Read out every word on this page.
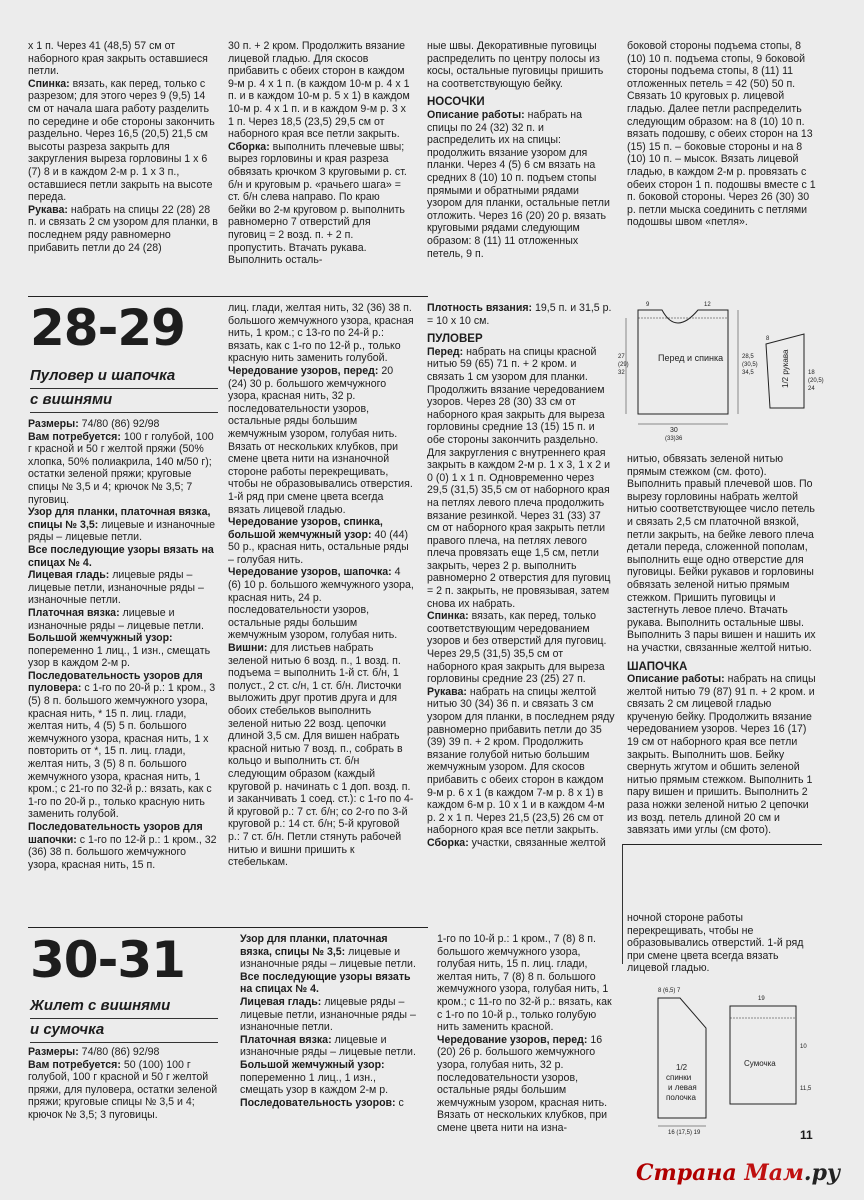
х 1 п. Через 41 (48,5) 57 см от наборного края закрыть оставшиеся петли.

Спинка: вязать, как перед, только с разрезом; для этого через 9 (9,5) 14 см от начала шага работу разделить по середине и обе стороны закончить раздельно. Через 16,5 (20,5) 21,5 см высоты разреза закрыть для закругления выреза горловины 1 х 6 (7) 8 и в каждом 2-м р. 1 х 3 п., оставшиеся петли закрыть на высоте переда.

Рукава: набрать на спицы 22 (28) 28 п. и связать 2 см узором для планки, в последнем ряду равномерно прибавить петли до 24 (28)

30 п. + 2 кром. Продолжить вязание лицевой гладью. Для скосов прибавить с обеих сторон в каждом 9-м р. 4 х 1 п. (в каждом 10-м р. 4 х 1 п. и в каждом 10-м р. 5 х 1) в каждом 10-м р. 4 х 1 п. и в каждом 9-м р. 3 х 1 п. Через 18,5 (23,5) 29,5 см от наборного края все петли закрыть.

Сборка: выполнить плечевые швы; вырез горловины и края разреза обвязать крючком 3 круговыми р. ст. б/н и круговым р. «рачьего шага» = ст. б/н слева направо. По краю бейки во 2-м круговом р. выполнить равномерно 7 отверстий для пуговиц = 2 возд. п. + 2 п. пропустить. Втачать рукава. Выполнить осталь-

ные швы. Декоративные пуговицы распределить по центру полосы из косы, остальные пуговицы пришить на соответствующую бейку.

НОСОЧКИ

Описание работы: набрать на спицы по 24 (32) 32 п. и распределить их на спицы: продолжить вязание узором для планки. Через 4 (5) 6 см вязать на средних 8 (10) 10 п. подъем стопы прямыми и обратными рядами узором для планки, остальные петли отложить. Через 16 (20) 20 р. вязать круговыми рядами следующим образом: 8 (11) 11 отложенных петель, 9 п.

боковой стороны подъема стопы, 8 (10) 10 п. подъема стопы, 9 боковой стороны подъема стопы, 8 (11) 11 отложенных петель = 42 (50) 50 п. Связать 10 круговых р. лицевой гладью. Далее петли распределить следующим образом: на 8 (10) 10 п. вязать подошву, с обеих сторон на 13 (15) 15 п. – боковые стороны и на 8 (10) 10 п. – мысок. Вязать лицевой гладью, в каждом 2-м р. провязать с обеих сторон 1 п. подошвы вместе с 1 п. боковой стороны. Через 26 (30) 30 р. петли мыска соединить с петлями подошвы швом «петля».

28-29
Пуловер и шапочка
с вишнями

Размеры: 74/80 (86) 92/98

Вам потребуется: 100 г голубой, 100 г красной и 50 г желтой пряжи (50% хлопка, 50% полиакрила, 140 м/50 г); остатки зеленой пряжи; круговые спицы № 3,5 и 4; крючок № 3,5; 7 пуговиц.

Узор для планки, платочная вязка, спицы № 3,5: лицевые и изнаночные ряды – лицевые петли.

Все последующие узоры вязать на спицах № 4.

Лицевая гладь: лицевые ряды – лицевые петли, изнаночные ряды – изнаночные петли.

Платочная вязка: лицевые и изнаночные ряды – лицевые петли.

Большой жемчужный узор: попеременно 1 лиц., 1 изн., смещать узор в каждом 2-м р.

Последовательность узоров для пуловера: с 1-го по 20-й р.: 1 кром., 3 (5) 8 п. большого жемчужного узора, красная нить, * 15 п. лиц. глади, желтая нить, 4 (5) 5 п. большого жемчужного узора, красная нить, 1 х повторить от *, 15 п. лиц. глади, желтая нить, 3 (5) 8 п. большого жемчужного узора, красная нить, 1 кром.; с 21-го по 32-й р.: вязать, как с 1-го по 20-й р., только красную нить заменить голубой.

Последовательность узоров для шапочки: с 1-го по 12-й р.: 1 кром., 32 (36) 38 п. большого жемчужного узора, красная нить, 15 п.

лиц. глади, желтая нить, 32 (36) 38 п. большого жемчужного узора, красная нить, 1 кром.; с 13-го по 24-й р.: вязать, как с 1-го по 12-й р., только красную нить заменить голубой.

Чередование узоров, перед: 20 (24) 30 р. большого жемчужного узора, красная нить, 32 р. последовательности узоров, остальные ряды большим жемчужным узором, голубая нить. Вязать от нескольких клубков, при смене цвета нити на изнаночной стороне работы перекрещивать, чтобы не образовывались отверстия. 1-й ряд при смене цвета всегда вязать лицевой гладью.

Чередование узоров, спинка, большой жемчужный узор: 40 (44) 50 р., красная нить, остальные ряды – голубая нить.

Чередование узоров, шапочка: 4 (6) 10 р. большого жемчужного узора, красная нить, 24 р. последовательности узоров, остальные ряды большим жемчужным узором, голубая нить.

Вишни: для листьев набрать зеленой нитью 6 возд. п., 1 возд. п. подъема = выполнить 1-й ст. б/н, 1 полуст., 2 ст. с/н, 1 ст. б/н. Листочки выложить друг против друга и для обоих стебельков выполнить зеленой нитью 22 возд. цепочки длиной 3,5 см. Для вишен набрать красной нитью 7 возд. п., собрать в кольцо и выполнить ст. б/н следующим образом (каждый круговой р. начинать с 1 доп. возд. п. и заканчивать 1 соед. ст.): с 1-го по 4-й круговой р.: 7 ст. б/н; со 2-го по 3-й круговой р.: 14 ст. б/н; 5-й круговой р.: 7 ст. б/н. Петли стянуть рабочей нитью и вишни пришить к стебелькам.

Плотность вязания: 19,5 п. и 31,5 р. = 10 х 10 см.

ПУЛОВЕР

Перед: набрать на спицы красной нитью 59 (65) 71 п. + 2 кром. и связать 1 см узором для планки. Продолжить вязание чередованием узоров. Через 28 (30) 33 см от наборного края закрыть для выреза горловины средние 13 (15) 15 п. и обе стороны закончить раздельно. Для закругления с внутреннего края закрыть в каждом 2-м р. 1 х 3, 1 х 2 и 0 (0) 1 х 1 п. Одновременно через 29,5 (31,5) 35,5 см от наборного края на петлях левого плеча продолжить вязание резинкой. Через 31 (33) 37 см от наборного края закрыть петли правого плеча, на петлях левого плеча провязать еще 1,5 см, петли закрыть, через 2 р. выполнить равномерно 2 отверстия для пуговиц = 2 п. закрыть, не провязывая, затем снова их набрать.

Спинка: вязать, как перед, только соответствующим чередованием узоров и без отверстий для пуговиц. Через 29,5 (31,5) 35,5 см от наборного края закрыть для выреза горловины средние 23 (25) 27 п.

Рукава: набрать на спицы желтой нитью 30 (34) 36 п. и связать 3 см узором для планки, в последнем ряду равномерно прибавить петли до 35 (39) 39 п. + 2 кром. Продолжить вязание голубой нитью большим жемчужным узором. Для скосов прибавить с обеих сторон в каждом 9-м р. 6 х 1 (в каждом 7-м р. 8 х 1) в каждом 6-м р. 10 х 1 и в каждом 4-м р. 2 х 1 п. Через 21,5 (23,5) 26 см от наборного края все петли закрыть.

Сборка: участки, связанные желтой

нитью, обвязать зеленой нитью прямым стежком (см. фото). Выполнить правый плечевой шов. По вырезу горловины набрать желтой нитью соответствующее число петель и связать 2,5 см платочной вязкой, петли закрыть, на бейке левого плеча детали переда, сложенной пополам, выполнить еще одно отверстие для пуговицы. Бейки рукавов и горловины обвязать зеленой нитью прямым стежком. Пришить пуговицы и застегнуть левое плечо. Втачать рукава. Выполнить остальные швы. Выполнить 3 пары вишен и нашить их на участки, связанные желтой нитью.

ШАПОЧКА

Описание работы: набрать на спицы желтой нитью 79 (87) 91 п. + 2 кром. и связать 2 см лицевой гладью крученую бейку. Продолжить вязание чередованием узоров. Через 16 (17) 19 см от наборного края все петли закрыть. Выполнить шов. Бейку свернуть жгутом и обшить зеленой нитью прямым стежком. Выполнить 1 пару вишен и пришить. Выполнить 2 раза ножки зеленой нитью 2 цепочки из возд. петель длиной 20 см и завязать ими углы (см фото).

Перед и спинка
30
(33)36
27
(29)
32
28,5
(30,5)
34,5
9	12
1/2 рукава	18
(20,5)
24
8
30-31
Жилет с вишнями
и сумочка

Размеры: 74/80 (86) 92/98

Вам потребуется: 50 (100) 100 г голубой, 100 г красной и 50 г желтой пряжи, для пуловера, остатки зеленой пряжи; круговые спицы № 3,5 и 4; крючок № 3,5; 3 пуговицы.

Узор для планки, платочная вязка, спицы № 3,5: лицевые и изнаночные ряды – лицевые петли.

Все последующие узоры вязать на спицах № 4.

Лицевая гладь: лицевые ряды – лицевые петли, изнаночные ряды – изнаночные петли.

Платочная вязка: лицевые и изнаночные ряды – лицевые петли.

Большой жемчужный узор: попеременно 1 лиц., 1 изн., смещать узор в каждом 2-м р.

Последовательность узоров: с

1-го по 10-й р.: 1 кром., 7 (8) 8 п. большого жемчужного узора, голубая нить, 15 п. лиц. глади, желтая нить, 7 (8) 8 п. большого жемчужного узора, голубая нить, 1 кром.; с 11-го по 32-й р.: вязать, как с 1-го по 10-й р., только голубую нить заменить красной.

Чередование узоров, перед: 16 (20) 26 р. большого жемчужного узора, голубая нить, 32 р. последовательности узоров, остальные ряды большим жемчужным узором, красная нить. Вязать от нескольких клубков, при смене цвета нити на изна-

ночной стороне работы перекрещивать, чтобы не образовывались отверстий. 1-й ряд при смене цвета всегда вязать лицевой гладью.

1/2 спинки и левая полочка
8 (6,5) 7
16 (17,5) 19
Сумочка
19
10
11,5
11
Страна Мам.ру
